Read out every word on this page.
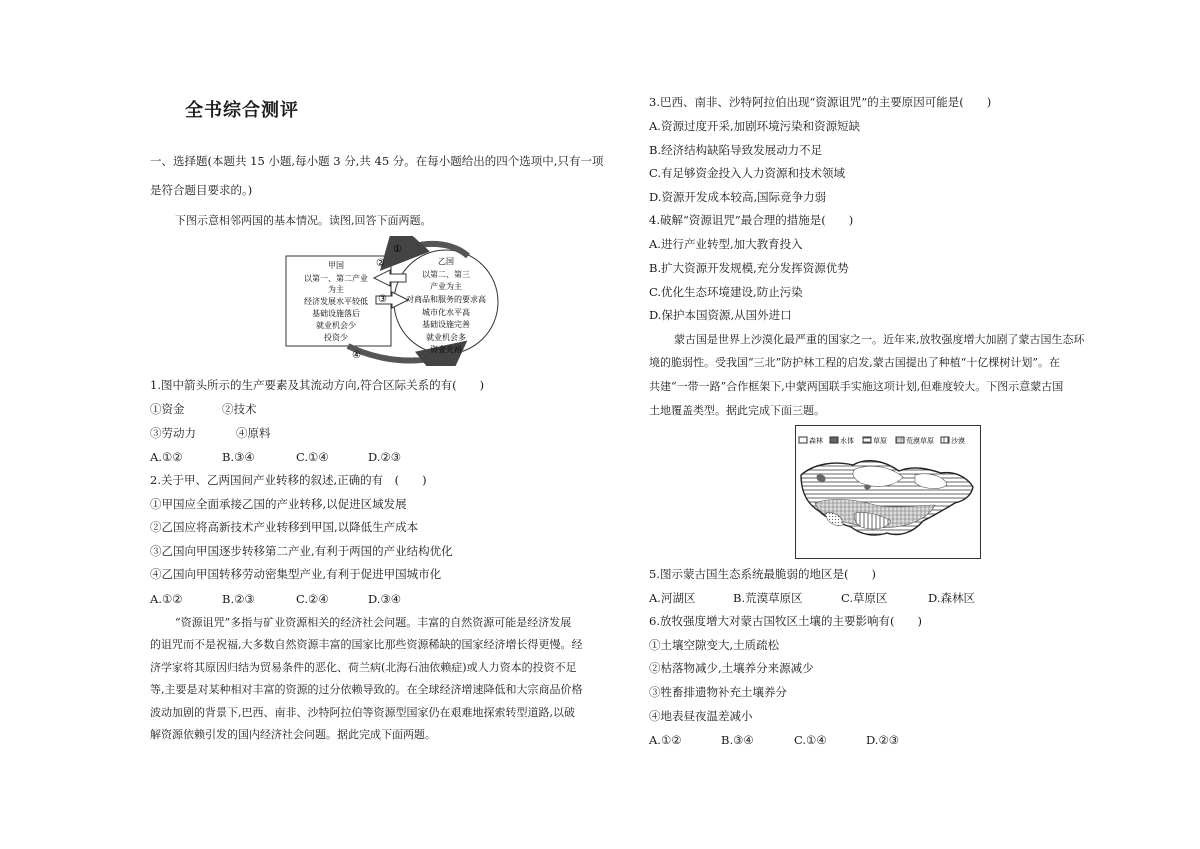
全书综合测评
一、选择题(本题共 15 小题,每小题 3 分,共 45 分。在每小题给出的四个选项中,只有一项
是符合题目要求的。)
下图示意相邻两国的基本情况。读图,回答下面两题。
①
②
③
④
甲国
以第一、第二产业
为主
经济发展水平较低
基础设施落后
就业机会少
投资少
乙国
以第二、第三
产业为主
对商品和服务的要求高
城市化水平高
基础设施完善
就业机会多
资金充裕
1.图中箭头所示的生产要素及其流动方向,符合区际关系的有(　　)
①资金	②技术
③劳动力	④原料
A.①②	B.③④	C.①④	D.②③
2.关于甲、乙两国间产业转移的叙述,正确的有　(　　)
①甲国应全面承接乙国的产业转移,以促进区域发展
②乙国应将高新技术产业转移到甲国,以降低生产成本
③乙国向甲国逐步转移第二产业,有利于两国的产业结构优化
④乙国向甲国转移劳动密集型产业,有利于促进甲国城市化
A.①②	B.②③	C.②④	D.③④
“资源诅咒”多指与矿业资源相关的经济社会问题。丰富的自然资源可能是经济发展
的诅咒而不是祝福,大多数自然资源丰富的国家比那些资源稀缺的国家经济增长得更慢。经
济学家将其原因归结为贸易条件的恶化、荷兰病(北海石油依赖症)或人力资本的投资不足
等,主要是对某种相对丰富的资源的过分依赖导致的。在全球经济增速降低和大宗商品价格
波动加剧的背景下,巴西、南非、沙特阿拉伯等资源型国家仍在艰难地探索转型道路,以破
解资源依赖引发的国内经济社会问题。据此完成下面两题。
3.巴西、南非、沙特阿拉伯出现“资源诅咒”的主要原因可能是(　　)
A.资源过度开采,加剧环境污染和资源短缺
B.经济结构缺陷导致发展动力不足
C.有足够资金投入人力资源和技术领域
D.资源开发成本较高,国际竞争力弱
4.破解“资源诅咒”最合理的措施是(　　)
A.进行产业转型,加大教育投入
B.扩大资源开发规模,充分发挥资源优势
C.优化生态环境建设,防止污染
D.保护本国资源,从国外进口
蒙古国是世界上沙漠化最严重的国家之一。近年来,放牧强度增大加剧了蒙古国生态环
境的脆弱性。受我国“三北”防护林工程的启发,蒙古国提出了种植“十亿棵树计划”。在
共建“一带一路”合作框架下,中蒙两国联手实施这项计划,但难度较大。下图示意蒙古国
土地覆盖类型。据此完成下面三题。
森林 水体	草原	荒漠草原 沙漠
5.图示蒙古国生态系统最脆弱的地区是(　　)
A.河湖区	B.荒漠草原区	C.草原区	D.森林区
6.放牧强度增大对蒙古国牧区土壤的主要影响有(　　)
①土壤空隙变大,土质疏松
②枯落物减少,土壤养分来源减少
③牲畜排遗物补充土壤养分
④地表昼夜温差减小
A.①②	B.③④	C.①④	D.②③
